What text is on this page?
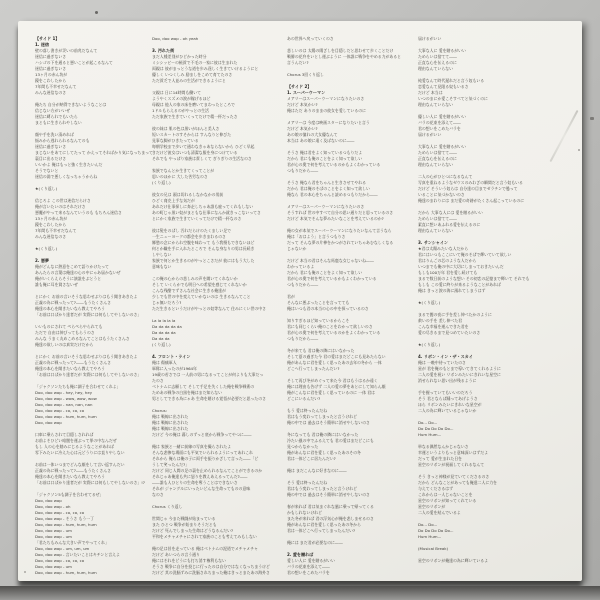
【サイド 1】
1. 迷信
壁の落し書きが災いの前兆だなんて
迷信に過ぎないさ
ハシゴの下を通ると悪いことが起こるなんて
迷信に過ぎないさ
13ヶ月の赤ん坊が
鏡をこわしたから
7年間も不幸せだなんて
みんな迷信なのさ
俺たち 自分が納得できないようなことは
信じない方がいいぜ
迷信に縛られでもいたら
まともに生きられやしない
顔や手を洗い清めれば
悩みから逃れられるなんてのも
迷信に過ぎないさ
まじないをあてにしてたって かえってそればかり気になっちまって
裏目に出るだけさ
いいかよ 俺はもっと強く生きたいんだ
そうでないと
迷信の渦で悪しくなっちゃうからね
★(くり返し)
信じろよ この世は迷信だらけさ
俺が言いたいのはそれだけさ
悪魔がやって来るなんていうのも もちろん迷信さ
13ヶ月の赤ん坊が
鏡をこわしたから
7年間も不幸せだなんて
みんな迷信なのさ
★(くり返し)
2. 悪夢
俺がどんなに熱意をこめて語りかけたって
あんたらの言葉は俺達の心の中にゃあ届かないぜ
俺がいくらえらそうに演説をぶとうと
誰も俺に耳を貸さないぜ
とにかく お前の言いそうな思わせぶりはもう聞きあきたよ
正義の為に戦ったって?――もうたくさんさ
俺達の本心を聞きたいなら教えてやろう
「お前は口ばかり達者だが 実際には何もしてやしないのさ」
いいものにされて ぺらぺらやられても
ただで 自由は伸びってもらうのさ
みんな うまく丸めこめるなんてことはもうたくさんさ
俺達の欲しいのは真実だけだから
とにかく お前の言いそうな思わせぶりはもう聞きあきたよ
正義の為に戦ったって?――もうたくさんさ
俺達の本心を聞きたいなら教えてやろう
「お前は口ばかり達者だが 実際には何もしてやしないのさ」
「ジャクソンたちも俺に調子を合わせてくれよ」
Doo, doo wop - hey, hey, hey
Doo, doo wop - wow, wow, wow
Doo, doo wop - nan, nan, nan
Doo, doo wop - co, co, co
Doo, doo wop - hum, hum, hum
Doo, doo wop
口車に乗らされて目隠しされれば
お前よそひどい暗闇を運ぶって罪の中なんだぜ
もし 人の心を踏みにじるようなことがあれば
零下みたいに冷えた心は元どうりには直りやしない
お前は一体いつまでどんな顔をして言い返すんだい
正義の為に戦ったって?――もうたくさんさ
俺達の本心を聞きたいなら教えてやろう
「お前は口ばかり達者だが 実際には何もしてやしないのさ」!?
「ジャクソン5も調子を合わせてるぜ」
Doo, doo wop
Doo, doo wop - oh
Doo, doo wop - co, co, co
Doo, doo wop - そうさ もう一丁
Doo, doo wop - hum, hum, hum
Doo, doo wop - um
Doo, doo wop - um
「君たちもみんな大きい声でやってくれ」
Doo, doo wop - um, um, um
Doo, doo wop - 言いたいことはキチンと言えよ
Doo, doo wop - co, co, co
Doo, doo wop - um
Doo, doo wop - hum, hum, hum
Doo, doo wop - oh yeah
3. 汚れた街
まだ人種差別がひどかった時分
ミシシッピーの極貧で不毛の一家に彼は生まれた
両親は 彼がまっとうな道を歩み逞しく生きていけるようにと
優しく いつくしみ 励ましをこめて育てたのさ
ただ貧乏で人並みの生活ができるようにと
父親は 日に14時間も働いて
ようやくスズメの涙が稼げるほど
母親は 他人の家の床を磨いてまわったところで
1ドルもらえるのがやっとの生活
ただ家族で生きていくってだけで精一杯だったさ
彼の妹は 肌の色は黒いがほんと美人さ
短いスカートのすそからは すんなりと伸びた
見事な脚がひきたっている
毎朝学校まで歩いて通わなきゃあならないから ひどく早起
きだけど彼女はいつも清潔な服を身につけている
それでも やっぱり家族は貧しくて ぎりぎりの生活なのさ
家族でなんとか生きてくってことが
思いのほかに 大した苦労なのさ
(くり返し)
彼女の兄は 頭は切れるしなかなかの男前
ひどく商売上手な気だが
あれだけ仕事探しに奔走しちゃあ誰も雇ってくれもしない
あの町じゃ黒い奴がまともな仕事になんか就きっこないってさ
とにかく家族で生きていくってだけで精一杯なのさ
彼は髪をのばし 汚れだらけのたくましい足で
一生ニューヨークの都会を歩きまわるのさ
郷愁の念にかられ空腹を味わって もう我慢もできないほど
何とか職を手に入れたところで そんな身なりの男は長続き
しやしない
家族で何とか生きるのがやっとこさだが 彼にはもう大した
意味もない
この俺の心からの悲しみの声を聞いてくれないか
そして いくらかでも明日への希望を感じてくれないか
こんな残酷でずさんな社会に生きる俺達が
少しでも世の中を変えていかないのは 生きるなんてこと
じゃ無いだろう?
ただ生きるというだけがやっとの奴等なんて 住みにくい世の中さ
La la la la la
Da da da da da
Da da da da
Da da da
(くり返し)
4. フロント・ライン
俺は 傷痍軍人
軍隊に入ったのが1964年
19歳の若さでは 一人前の男になるってことが何よりも大事だっ
たのさ
ベトナムに志願して そして手足を失くした俺を戦争戦術の
ためあの戦争の白黒を俺はまだ知らない
男としてできる為にゃあ 生命を賭ける覚悟が必要だと思ったのさ
Chorus:
俺は 戦線に出された
俺は 戦線に出された
俺は 戦線に出された
だけど 今の俺は 暮しのずっと底から戦争ってやつに――
俺は 家族と一緒に前線の写真を撮らされたよ
そんな悲惨な場面にも平気でいられるようにってあれこれ
それから 俺らは俺の子に両手を振りかざして言った――「ど
うして笑ったんだ?」
だけど 同じ人間の足の裏を止められるなんてことができるのか
それじゃあ俺達も共に怒りを教えあえるってんだ?――
――誰も人ひとりの生命を奪うことはできないさ
それが ジャングルにいったいどんな生命ってものの意味
なのさ
Chorus くり返し
世間じゃ 今また戦闘が始まっている
また ひとつ 戦争が始まりそうだとも
だけど 死んでしまった生命はどうなるんだい?
平和をメチャメチャにされて家族のことも考えてみもしない
俺の足は昔を走っている 俺はベトナムの泥道でメチャメチャ
だけど あいつらの言う通り
俺にはそれをどうにも打ち消す権利もない
そうさ 戦争に自分を投じに行ったのは自分ではなくなっちまうけど
だけど 其の洗脳ずみに洗脳されちまった俺はきっとまたあの海外さ
あの世界へ戻っていくのさ
悲しいのは 太陽の陽ざしを目隠しだと思わせて歩くことだけ
戦勝の花弁をいとし運ぶように 一体誰に戦争をやめる力があると
言うんだい?
Chorus 3回くり返し
【サイド 2】
1. スーパーウーマン
メアリーはスーパーウーマンになりたいのさ
だけど 本気かい?
俺はただ ありのままの彼女を愛しているのに
メアリーは 今度は映画スターになりたいと言う
だけど 本気かい?
あの娘の憧れの大女優なんて
本当は あの娘に遠く及ばないのに――
そうさ 俺は君をよく知っているつもりだよ
だから 君にも俺のことをよく知って欲しい
君が心の奥で何を考えているのかもよくわかっている
つもりだから――
そうさ 俺なら君をちゃんと生きさせてやれる
だから 君は俺のそばのことをよく知って欲しい
俺なら 君の本心をちゃんと読めるつもりだから――
メアリーはスーパーウーマンになりたいのさ
そうすれば 世の中すべて自分の思い通りだと思っているのさ
だけど 本気でそんな夢みたいなことを考えているのか?
俺の女が本気でスーパーウーマンになりたいなんて言うなら
俺は「おはよう」と言うつもりさ
だって そんな夢の片棒をかつがされていちゃあむなしくなる
じゃないか
だけど 本当の君はそんな馬鹿な女じゃないね――
わかっているよ
だから 君にも俺のことをよく知って欲しい
君が心の奥で何を考えているかもよくわかっている
つもりだから――
君が
そんなに悪ぶったことを言ってても
俺はいつも君の本当の心の中を探っているのさ
知りすぎるほど知っているからこそ
君にも同じくらい俺のことをわかって欲しいのさ
君が心の奥で何を考えているのかをよくわかっている
つもりだから――
冬が来ても 君は俺の隣にはいなかった
そして夏の過ぎた今 君の愛はまだどこにも見あたらない
俺があんなに君を愛しく思ったあの去年の冬から 一体
どこへ行ってしまったんだい?
そして再び冬がめぐって来た今 君はもうはるか遠く
俺には理由も告げず 二人の愛の夢をあとにして知らん顔
俺がこんなに君を愛しく思っているのに 一体 君は
どこにいるんだい?
もう 愛は終ったんだね
君はもう変わってしまったと言うけれど
俺の中では 過去はそう簡単に消せやしないのさ
冬になっても 君は俺の隣にはいなかった
冷たい風の中でふるえても 君の愛はまだどこにも
見つからなかった
俺があんなに君を愛しく思ったあのその冬
君は一体どこに居たんだい?
俺は まだこんなに好きなのに――
そう 愛は終ったんだね
君はもう変わってしまったと言うけれど
俺の中では 過去はそう簡単に消せやしないのさ
春が来れば 君は気まぐれな風に乗って帰ってくる
かもしれないけれど
また冬が来れば 君の浮気心が俺を悲しませるのさ
俺があんなに君を愛しく思ったあの冬から
君は一体どこへ行ってしまったんだい?
俺には まだ君が必要なのに――
2. 愛を贈れば
愛しい人に 愛を贈るがいい
バラの花束を添えて――
君の想いをこめたバラを
届けるがいい
大事な人に 愛を贈るがいい
ためらいは捨てて――
正直な心を伝えるのに
理由なんていらない
純愛なんて時代遅れだと言う奴もいる
恋愛なんて見限る奴もいるさ
だけど 本当は
いつのまにか愛こそすべてと気づくのに
理由なんていらない
優しい人に 愛を贈るがいい
バラの花束を添えて――
君の想いをこめたバラを
届けるがいい
大事な人に 愛を贈るがいい
ためらいは捨てて――
正直な心を伝えるのに
理由なんていらない
二人の心がひとつになるなんて
写真を重ねるようなゼウスのみわざの瞬間だと言う奴もいる
だけど そういう奴らは 自分達の目までゼラチンで曇って
いることに気づかないのさ
俺達のまわりには まだ愛の奇跡がたくさん起こっているのに
だから 大事な人には 愛を贈るがいい
ためらいは捨てて――
素直に想いあふれる愛を伝えるのに
理由なんていらない
3. サンシャイン
★君は太陽みたいな人だから
君にはいつもここにいて俺のそばで輝いていて欲しい
君はりんごの芯のような人だから
いつまでも俺の中に大切にしまっておきたいんだ
もしも100万年 君を愛し続けても
まるで数日前のような想い その初恋の記憶まで輝いて それでも
もしも この愛に終りが来るようなことがあれば
俺は きっと涙の海に溺れてしまうはず
★(くり返し)
まるで闇の夜に手を差し伸べたかのように
救いの手を 差し伸べた君
こんな幸福を運んできた君を
愛の尽きるまで見つめていたいのさ
★(くり返し)
4. リボン・イン・ザ・スカイ
俺は 一晩中待っていたのさ
星が 君を俺のもとまで導いてきてくれるように
二人の愛を祝い リボンみたいにきれいな星空に
消せられない思い出が残るように
手を握っていてもいいのだろう
そう 君とならば踊ってあげようさ
ほら リボンみたいにきれいな星空が
二人の為に輝いているじゃないか
Do... Do...
Do Do Do Do Do...
Hum Hum...
単なる偶然なんかじゃないさ
幸運というよりもっと意味深いはずだよ
だって 愛が生まれた日を
星空のリボンが祝福してくれるなんて
そう きっと神様が見ていてくださるのさ
だから どんなことがあっても俺達二人に力を
与えてくださるはず
これからは一人じゃないことを
星空のリボンが知ってくれている
星空のリボンが
二人の愛を結んでいるよ
Do... Do...
Do Do Do Do Do...
Hum Hum...
(Musical Break)
星空のリボンが俺達の為に輝いているよ
